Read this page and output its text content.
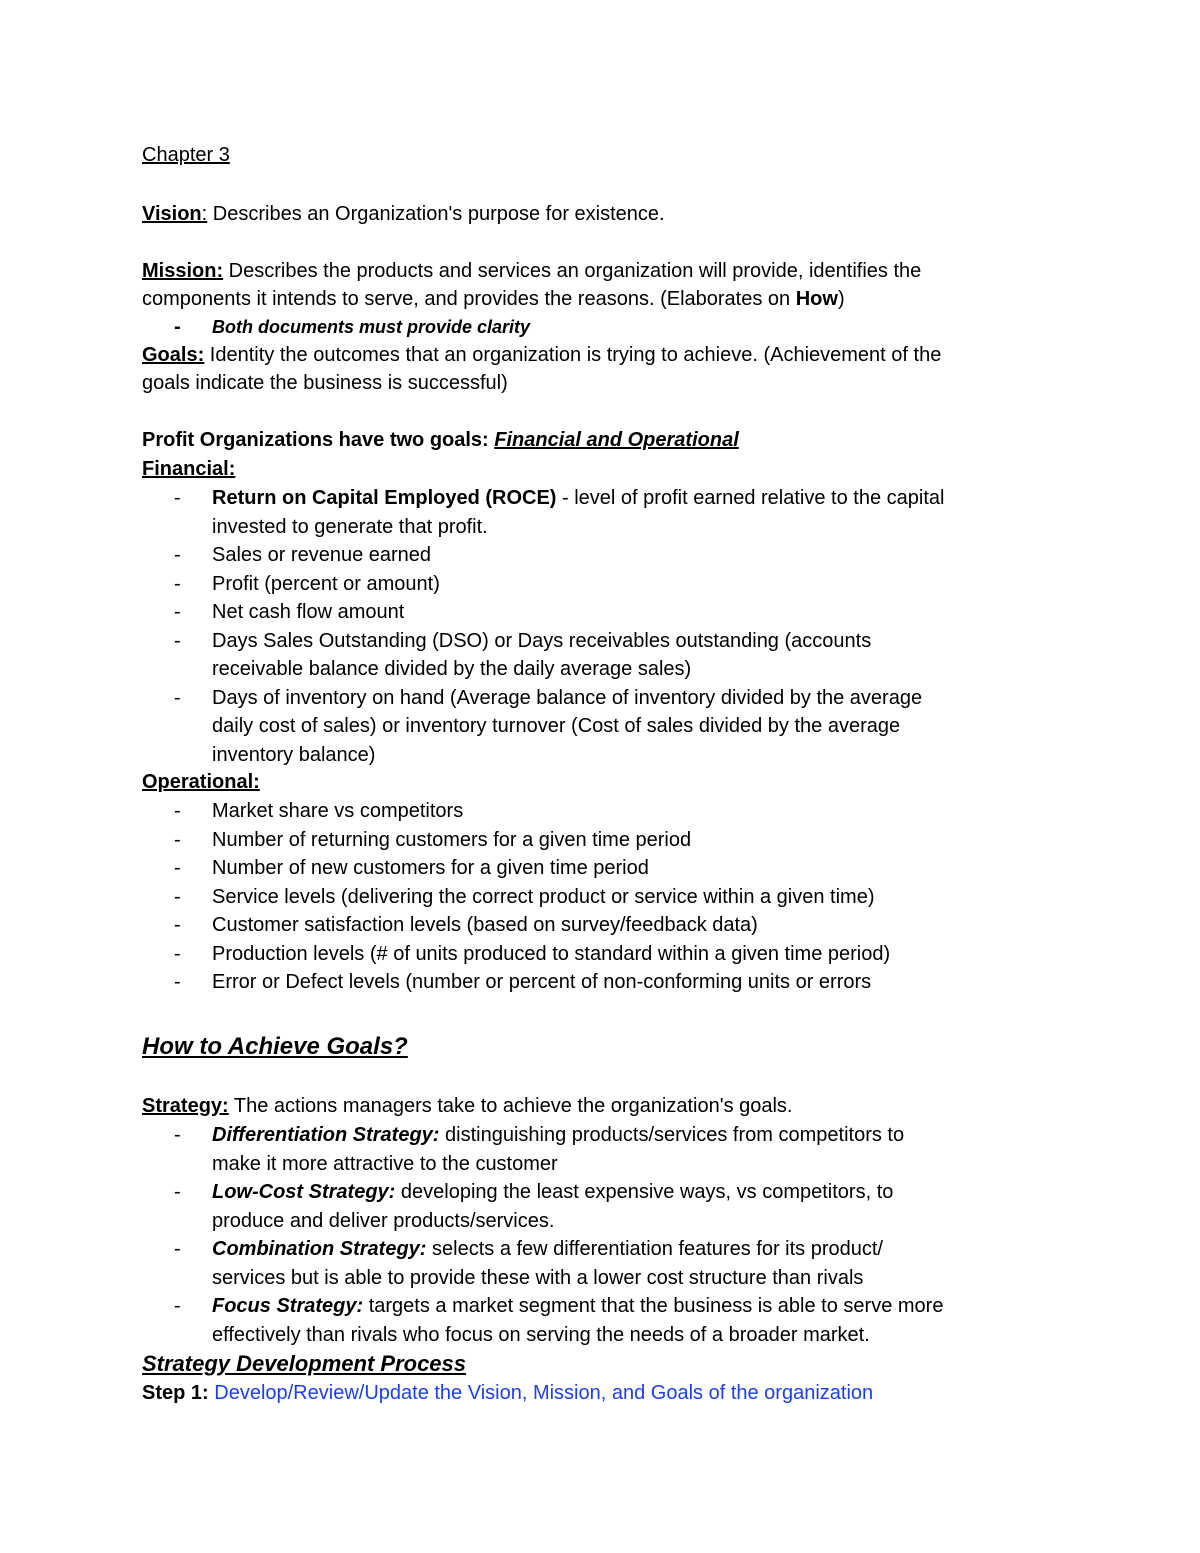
Chapter 3

Vision: Describes an Organization's purpose for existence.

Mission: Describes the products and services an organization will provide, identifies the

components it intends to serve, and provides the reasons. (Elaborates on How)

- Both documents must provide clarity

Goals: Identity the outcomes that an organization is trying to achieve. (Achievement of the

goals indicate the business is successful)

Profit Organizations have two goals: Financial and Operational

Financial:

- Return on Capital Employed (ROCE) - level of profit earned relative to the capital
invested to generate that profit.
- Sales or revenue earned
- Profit (percent or amount)
- Net cash flow amount
- Days Sales Outstanding (DSO) or Days receivables outstanding (accounts
receivable balance divided by the daily average sales)
- Days of inventory on hand (Average balance of inventory divided by the average
daily cost of sales) or inventory turnover (Cost of sales divided by the average
inventory balance)

Operational:

- Market share vs competitors
- Number of returning customers for a given time period
- Number of new customers for a given time period
- Service levels (delivering the correct product or service within a given time)
- Customer satisfaction levels (based on survey/feedback data)
- Production levels (# of units produced to standard within a given time period)
- Error or Defect levels (number or percent of non-conforming units or errors

How to Achieve Goals?

Strategy: The actions managers take to achieve the organization's goals.

- Differentiation Strategy: distinguishing products/services from competitors to
make it more attractive to the customer
- Low-Cost Strategy: developing the least expensive ways, vs competitors, to
produce and deliver products/services.
- Combination Strategy: selects a few differentiation features for its product/
services but is able to provide these with a lower cost structure than rivals
- Focus Strategy: targets a market segment that the business is able to serve more
effectively than rivals who focus on serving the needs of a broader market.

Strategy Development Process

Step 1: Develop/Review/Update the Vision, Mission, and Goals of the organization
